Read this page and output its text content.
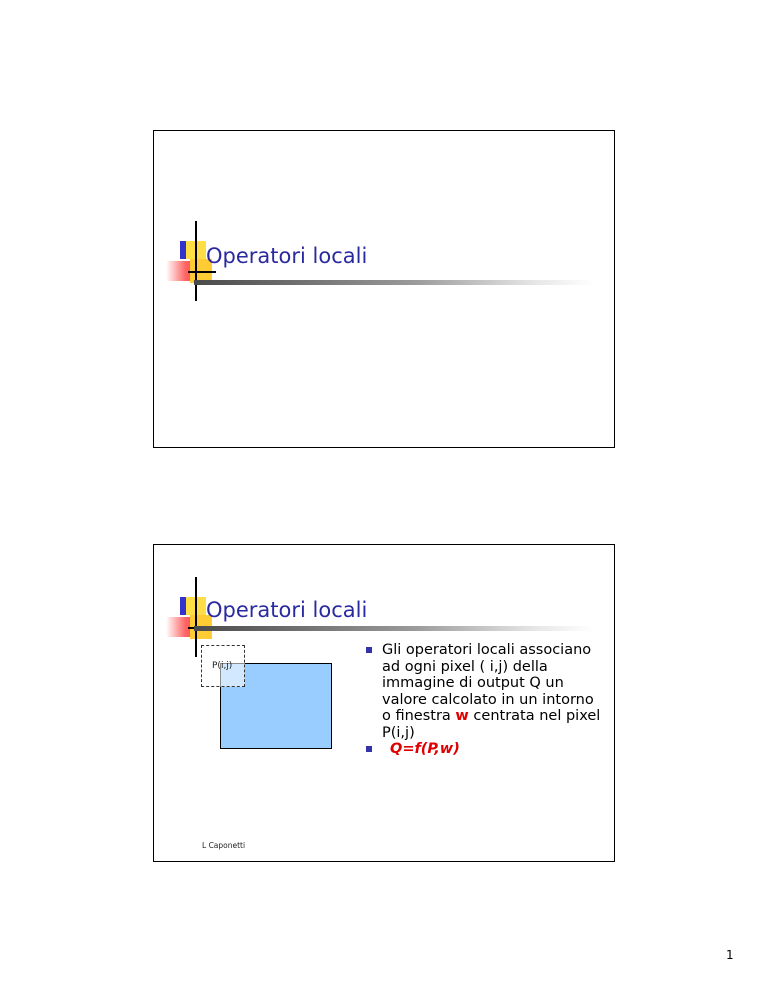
Operatori locali
Operatori locali
P(i,j)
Gli operatori locali associano ad ogni pixel ( i,j) della immagine di output Q un valore calcolato in un intorno o finestra w centrata nel pixel P(i,j)
Q=f(P,w)
L Caponetti
1
